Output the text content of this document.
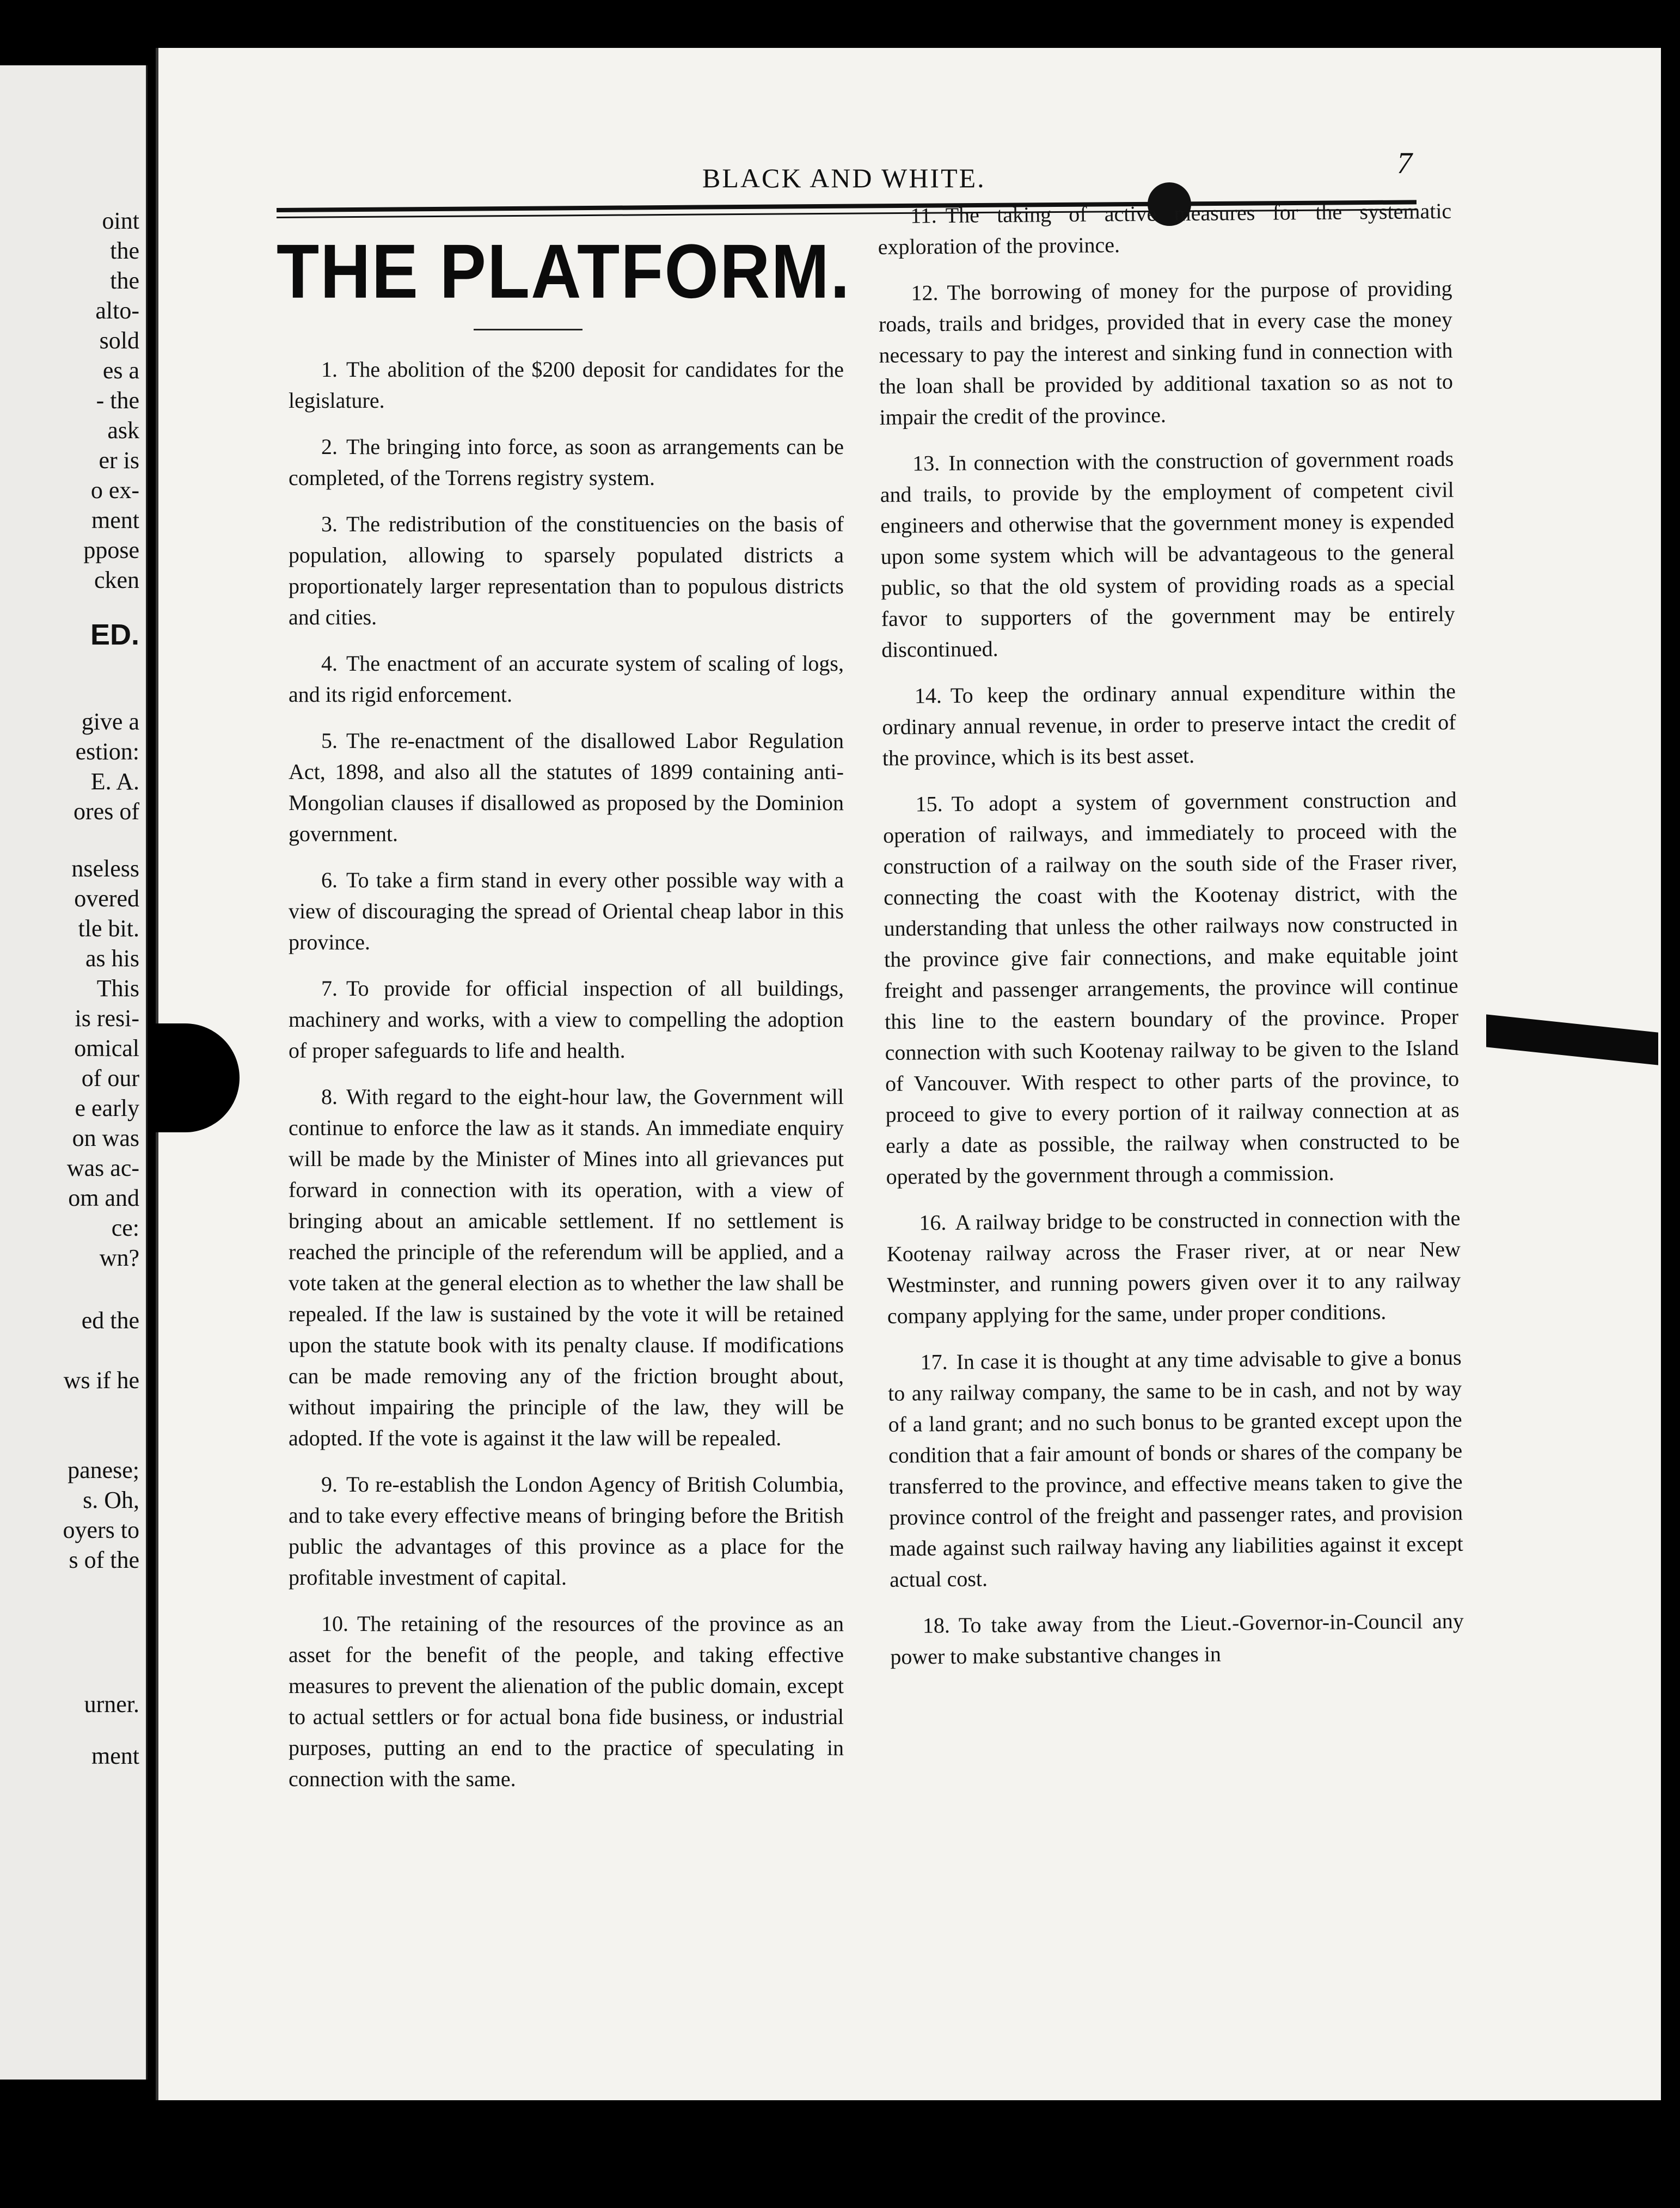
oint
the
the
alto-
sold
es a
- the
ask
er is
o ex-
ment
ppose
cken
ED.
give a
estion:
E. A.
ores of
nseless
overed
tle bit.
as his
This
is resi-
omical
of our
e early
on was
was ac-
om and
ce:
wn?
ed the
ws if he
panese;
s. Oh,
oyers to
s of the
urner.
ment
BLACK AND WHITE.	7
THE PLATFORM.

1. The abolition of the $200 deposit for candidates for the legislature.

2. The bringing into force, as soon as arrangements can be completed, of the Torrens registry system.

3. The redistribution of the constituencies on the basis of population, allowing to sparsely populated districts a proportionately larger representation than to populous districts and cities.

4. The enactment of an accurate system of scaling of logs, and its rigid enforcement.

5. The re-enactment of the disallowed Labor Regulation Act, 1898, and also all the statutes of 1899 containing anti-Mongolian clauses if disallowed as proposed by the Dominion government.

6. To take a firm stand in every other possible way with a view of discouraging the spread of Oriental cheap labor in this province.

7. To provide for official inspection of all buildings, machinery and works, with a view to compelling the adoption of proper safeguards to life and health.

8. With regard to the eight-hour law, the Government will continue to enforce the law as it stands. An immediate enquiry will be made by the Minister of Mines into all grievances put forward in connection with its operation, with a view of bringing about an amicable settlement. If no settlement is reached the principle of the referendum will be applied, and a vote taken at the general election as to whether the law shall be repealed. If the law is sustained by the vote it will be retained upon the statute book with its penalty clause. If modifications can be made removing any of the friction brought about, without impairing the principle of the law, they will be adopted. If the vote is against it the law will be repealed.

9. To re-establish the London Agency of British Columbia, and to take every effective means of bringing before the British public the advantages of this province as a place for the profitable investment of capital.

10. The retaining of the resources of the province as an asset for the benefit of the people, and taking effective measures to prevent the alienation of the public domain, except to actual settlers or for actual bona fide business, or industrial purposes, putting an end to the practice of speculating in connection with the same.

11. The taking of active measures for the systematic exploration of the province.

12. The borrowing of money for the purpose of providing roads, trails and bridges, provided that in every case the money necessary to pay the interest and sinking fund in connection with the loan shall be provided by additional taxation so as not to impair the credit of the province.

13. In connection with the construction of government roads and trails, to provide by the employment of competent civil engineers and otherwise that the government money is expended upon some system which will be advantageous to the general public, so that the old system of providing roads as a special favor to supporters of the government may be entirely discontinued.

14. To keep the ordinary annual expenditure within the ordinary annual revenue, in order to preserve intact the credit of the province, which is its best asset.

15. To adopt a system of government construction and operation of railways, and immediately to proceed with the construction of a railway on the south side of the Fraser river, connecting the coast with the Kootenay district, with the understanding that unless the other railways now constructed in the province give fair connections, and make equitable joint freight and passenger arrangements, the province will continue this line to the eastern boundary of the province. Proper connection with such Kootenay railway to be given to the Island of Vancouver. With respect to other parts of the province, to proceed to give to every portion of it railway connection at as early a date as possible, the railway when constructed to be operated by the government through a commission.

16. A railway bridge to be constructed in connection with the Kootenay railway across the Fraser river, at or near New Westminster, and running powers given over it to any railway company applying for the same, under proper conditions.

17. In case it is thought at any time advisable to give a bonus to any railway company, the same to be in cash, and not by way of a land grant; and no such bonus to be granted except upon the condition that a fair amount of bonds or shares of the company be transferred to the province, and effective means taken to give the province control of the freight and passenger rates, and provision made against such railway having any liabilities against it except actual cost.

18. To take away from the Lieut.-Governor-in-Council any power to make substantive changes in
